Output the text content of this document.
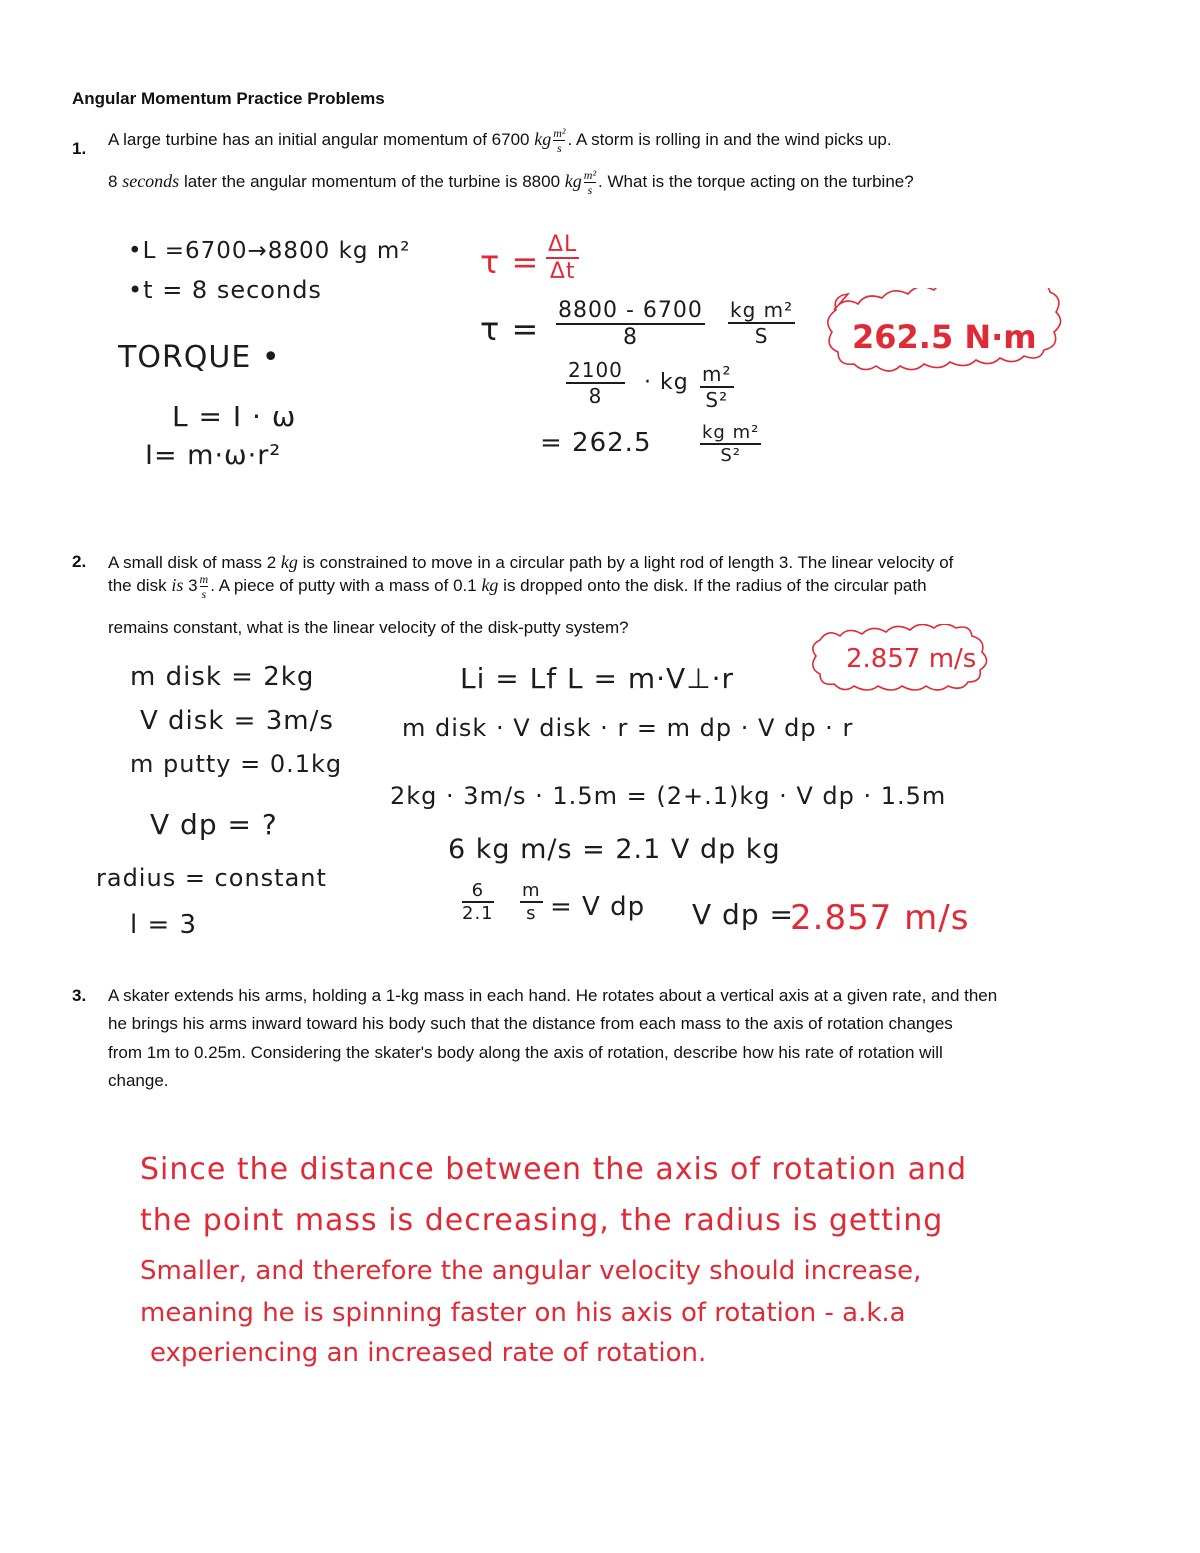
Angular Momentum Practice Problems
1. A large turbine has an initial angular momentum of 6700 kg $\frac{\text{m²}}{s}$ . A storm is rolling in and the wind picks up.
8 seconds later the angular momentum of the turbine is 8800 kg $\frac{\text{m²}}{s}$ . What is the torque acting on the turbine?
•L =6700→8800 kg m²
•t = 8 seconds
TORQUE •
L = I · ω
I= m·ω·r²
τ = ΔL
Δt
τ = 8800 - 6700
8
kg m²
S
2100
8
· kg m²
S²
= 262.5	kg m²
S²
262.5 N·m
2. A small disk of mass 2 kg is constrained to move in a circular path by a light rod of length 3. The linear velocity of
the disk is $3 \frac{m}{s}$ . A piece of putty with a mass of 0.1 kg is dropped onto the disk. If the radius of the circular path
remains constant, what is the linear velocity of the disk-putty system?
m disk = 2kg
V disk = 3m/s
m putty = 0.1kg
V dp = ?
radius = constant
l = 3
Li = Lf L = m·V⊥·r
m disk · V disk · r = m dp · V dp · r
2kg · 3m/s · 1.5m = (2+.1)kg · V dp · 1.5m
6 kg m/s = 2.1 V dp kg
6
2.1
m
s = V dp V dp =
2.857 m/s
2.857 m/s
3. A skater extends his arms, holding a 1-kg mass in each hand. He rotates about a vertical axis at a given rate, and then
he brings his arms inward toward his body such that the distance from each mass to the axis of rotation changes
from 1m to 0.25m. Considering the skater's body along the axis of rotation, describe how his rate of rotation will
change.
Since the distance between the axis of rotation and
the point mass is decreasing, the radius is getting
Smaller, and therefore the angular velocity should increase,
meaning he is spinning faster on his axis of rotation - a.k.a
experiencing an increased rate of rotation.
